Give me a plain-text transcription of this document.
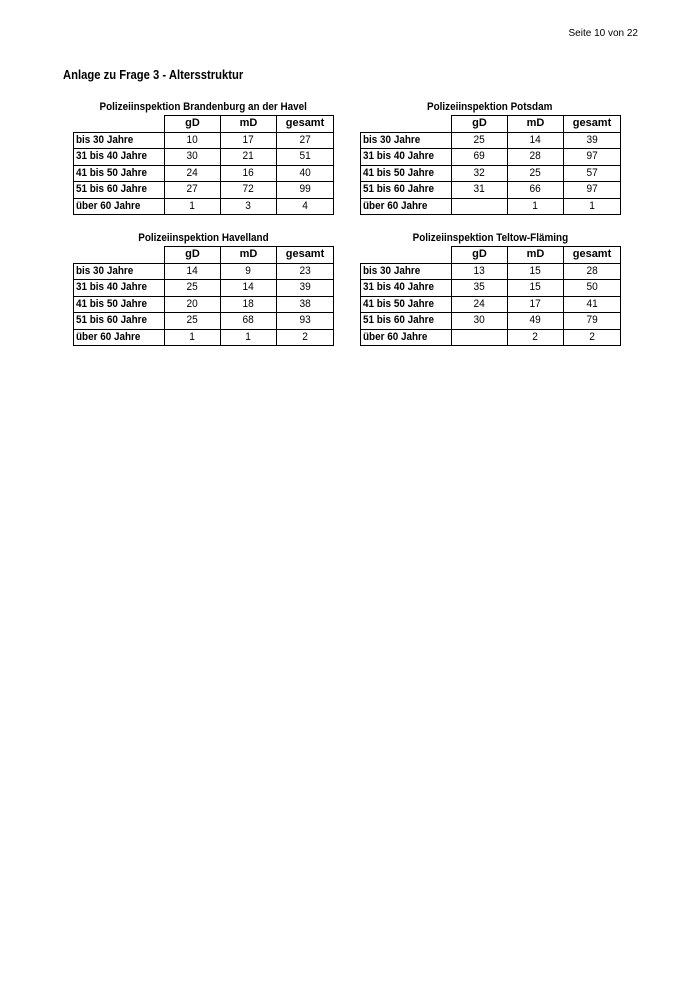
Seite 10 von 22
Anlage zu Frage 3 - Altersstruktur
Polizeiinspektion Brandenburg an der Havel
	gD	mD	gesamt
bis 30 Jahre	10	17	27
31 bis 40 Jahre	30	21	51
41 bis 50 Jahre	24	16	40
51 bis 60 Jahre	27	72	99
über 60 Jahre	1	3	4
Polizeiinspektion Potsdam
	gD	mD	gesamt
bis 30 Jahre	25	14	39
31 bis 40 Jahre	69	28	97
41 bis 50 Jahre	32	25	57
51 bis 60 Jahre	31	66	97
über 60 Jahre		1	1
Polizeiinspektion Havelland
	gD	mD	gesamt
bis 30 Jahre	14	9	23
31 bis 40 Jahre	25	14	39
41 bis 50 Jahre	20	18	38
51 bis 60 Jahre	25	68	93
über 60 Jahre	1	1	2
Polizeiinspektion Teltow-Fläming
	gD	mD	gesamt
bis 30 Jahre	13	15	28
31 bis 40 Jahre	35	15	50
41 bis 50 Jahre	24	17	41
51 bis 60 Jahre	30	49	79
über 60 Jahre		2	2
